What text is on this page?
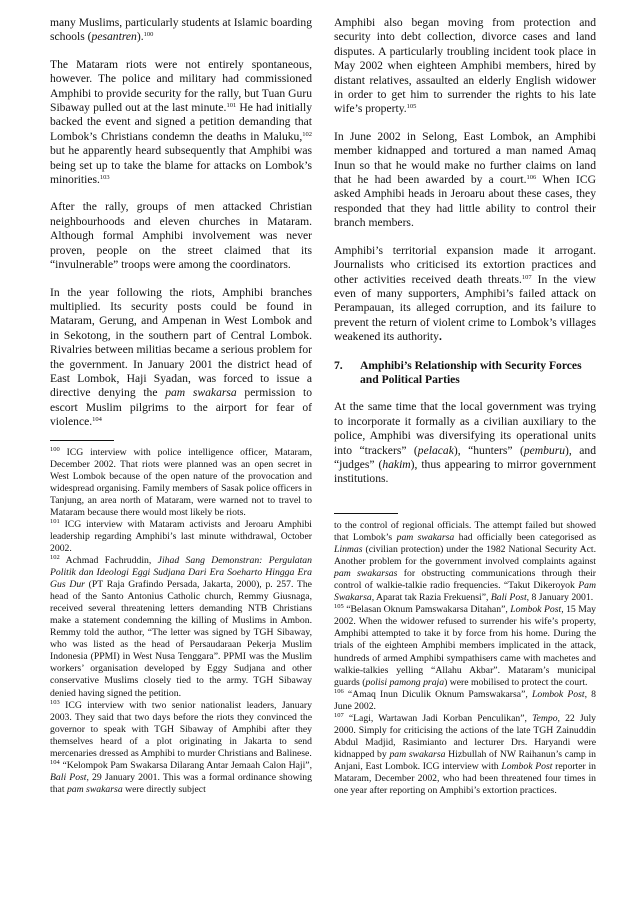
many Muslims, particularly students at Islamic boarding schools (pesantren).$^{100}$

The Mataram riots were not entirely spontaneous, however. The police and military had commissioned Amphibi to provide security for the rally, but Tuan Guru Sibaway pulled out at the last minute.$^{101}$ He had initially backed the event and signed a petition demanding that Lombok’s Christians condemn the deaths in Maluku,$^{102}$ but he apparently heard subsequently that Amphibi was being set up to take the blame for attacks on Lombok’s minorities.$^{103}$

After the rally, groups of men attacked Christian neighbourhoods and eleven churches in Mataram. Although formal Amphibi involvement was never proven, people on the street claimed that its “invulnerable” troops were among the coordinators.

In the year following the riots, Amphibi branches multiplied. Its security posts could be found in Mataram, Gerung, and Ampenan in West Lombok and in Sekotong, in the southern part of Central Lombok. Rivalries between militias became a serious problem for the government. In January 2001 the district head of East Lombok, Haji Syadan, was forced to issue a directive denying the pam swakarsa permission to escort Muslim pilgrims to the airport for fear of violence.$^{104}$

$^{100}$ ICG interview with police intelligence officer, Mataram, December 2002. That riots were planned was an open secret in West Lombok because of the open nature of the provocation and widespread organising. Family members of Sasak police officers in Tanjung, an area north of Mataram, were warned not to travel to Mataram because there would most likely be riots.

$^{101}$ ICG interview with Mataram activists and Jeroaru Amphibi leadership regarding Amphibi’s last minute withdrawal, October 2002.

$^{102}$ Achmad Fachruddin, Jihad Sang Demonstran: Pergulatan Politik dan Ideologi Eggi Sudjana Dari Era Soeharto Hingga Era Gus Dur (PT Raja Grafindo Persada, Jakarta, 2000), p. 257. The head of the Santo Antonius Catholic church, Remmy Giusnaga, received several threatening letters demanding NTB Christians make a statement condemning the killing of Muslims in Ambon. Remmy told the author, “The letter was signed by TGH Sibaway, who was listed as the head of Persaudaraan Pekerja Muslim Indonesia (PPMI) in West Nusa Tenggara”. PPMI was the Muslim workers’ organisation developed by Eggy Sudjana and other conservative Muslims closely tied to the army. TGH Sibaway denied having signed the petition.

$^{103}$ ICG interview with two senior nationalist leaders, January 2003. They said that two days before the riots they convinced the governor to speak with TGH Sibaway of Amphibi after they themselves heard of a plot originating in Jakarta to send mercenaries dressed as Amphibi to murder Christians and Balinese.

$^{104}$ “Kelompok Pam Swakarsa Dilarang Antar Jemaah Calon Haji”, Bali Post, 29 January 2001. This was a formal ordinance showing that pam swakarsa were directly subject

Amphibi also began moving from protection and security into debt collection, divorce cases and land disputes. A particularly troubling incident took place in May 2002 when eighteen Amphibi members, hired by distant relatives, assaulted an elderly English widower in order to get him to surrender the rights to his late wife’s property.$^{105}$

In June 2002 in Selong, East Lombok, an Amphibi member kidnapped and tortured a man named Amaq Inun so that he would make no further claims on land that he had been awarded by a court.$^{106}$ When ICG asked Amphibi heads in Jeroaru about these cases, they responded that they had little ability to control their branch members.

Amphibi’s territorial expansion made it arrogant. Journalists who criticised its extortion practices and other activities received death threats.$^{107}$ In the view even of many supporters, Amphibi’s failed attack on Perampauan, its alleged corruption, and its failure to prevent the return of violent crime to Lombok’s villages weakened its authority.

7.	Amphibi’s Relationship with Security Forces and Political Parties

At the same time that the local government was trying to incorporate it formally as a civilian auxiliary to the police, Amphibi was diversifying its operational units into “trackers” (pelacak), “hunters” (pemburu), and “judges” (hakim), thus appearing to mirror government institutions.

to the control of regional officials. The attempt failed but showed that Lombok’s pam swakarsa had officially been categorised as Linmas (civilian protection) under the 1982 National Security Act. Another problem for the government involved complaints against pam swakarsas for obstructing communications through their control of walkie-talkie radio frequencies. “Takut Dikeroyok Pam Swakarsa, Aparat tak Razia Frekuensi”, Bali Post, 8 January 2001.

$^{105}$ “Belasan Oknum Pamswakarsa Ditahan”, Lombok Post, 15 May 2002. When the widower refused to surrender his wife’s property, Amphibi attempted to take it by force from his home. During the trials of the eighteen Amphibi members implicated in the attack, hundreds of armed Amphibi sympathisers came with machetes and walkie-talkies yelling “Allahu Akbar”. Mataram’s municipal guards (polisi pamong praja) were mobilised to protect the court.

$^{106}$ “Amaq Inun Diculik Oknum Pamswakarsa”, Lombok Post, 8 June 2002.

$^{107}$ “Lagi, Wartawan Jadi Korban Penculikan”, Tempo, 22 July 2000. Simply for criticising the actions of the late TGH Zainuddin Abdul Madjid, Rasimianto and lecturer Drs. Haryandi were kidnapped by pam swakarsa Hizbullah of NW Raihanun’s camp in Anjani, East Lombok. ICG interview with Lombok Post reporter in Mataram, December 2002, who had been threatened four times in one year after reporting on Amphibi’s extortion practices.
